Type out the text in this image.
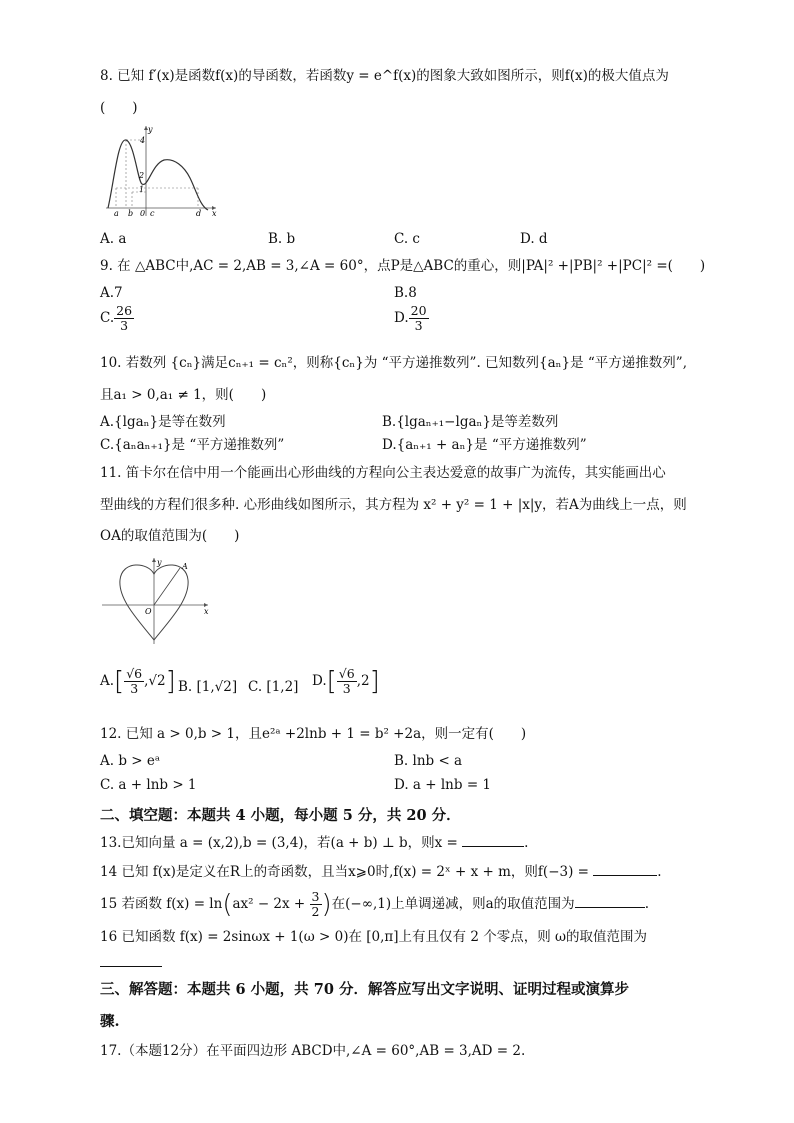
8. 已知 f′(x)是函数f(x)的导函数，若函数y = e^f(x)的图象大致如图所示，则f(x)的极大值点为
(　　)
y
4
2
1
a b 0 c	d x
A. a	B. b	C. c	D. d
9. 在 △ABC中,AC = 2,AB = 3,∠A = 60°，点P是△ABC的重心，则|PA|² +|PB|² +|PC|² =(　　)
A.7	B.8
C. $\frac{26}{3}$	D. $\frac{20}{3}$
10. 若数列 {cₙ}满足cₙ₊₁ = cₙ²，则称{cₙ}为 “平方递推数列”. 已知数列{aₙ}是 “平方递推数列”,
且a₁ > 0,a₁ ≠ 1，则(　　)
A.{lgaₙ}是等在数列	B.{lgaₙ₊₁−lgaₙ}是等差数列
C.{aₙaₙ₊₁}是 “平方递推数列”	D.{aₙ₊₁ + aₙ}是 “平方递推数列”
11. 笛卡尔在信中用一个能画出心形曲线的方程向公主表达爱意的故事广为流传，其实能画出心
型曲线的方程们很多种. 心形曲线如图所示，其方程为 x² + y² = 1 + |x|y，若A为曲线上一点，则
OA的取值范围为(　　)
y	A
O	x
$A.[ \frac{√6}{3} ,√2]$ B. [1,√2] C. [1,2] $D.[ \frac{√6}{3} ,2]$
12. 已知 a > 0,b > 1，且e²ᵃ +2lnb + 1 = b² +2a，则一定有(　　)
A. b > eᵃ	B. lnb < a
C. a + lnb > 1	D. a + lnb = 1
二、填空题：本题共 4 小题，每小题 5 分，共 20 分．
13.已知向量 a = (x,2),b = (3,4)，若(a + b) ⊥ b，则x =	.
14 已知 f(x)是定义在R上的奇函数，且当x⩾0时,f(x) = 2ˣ + x + m，则f(−3) =	.
15 若函数 $f(x) = \ln(ax^2 - 2x + \frac{3}{2}$ )在(−∞,1)上单调递减，则a的取值范围为	.
16 已知函数 f(x) = 2sinωx + 1(ω > 0)在 [0,π]上有且仅有 2 个零点，则 ω的取值范围为
三、解答题：本题共 6 小题，共 70 分．解答应写出文字说明、证明过程或演算步
骤.
17.（本题12分）在平面四边形 ABCD中,∠A = 60°,AB = 3,AD = 2.
